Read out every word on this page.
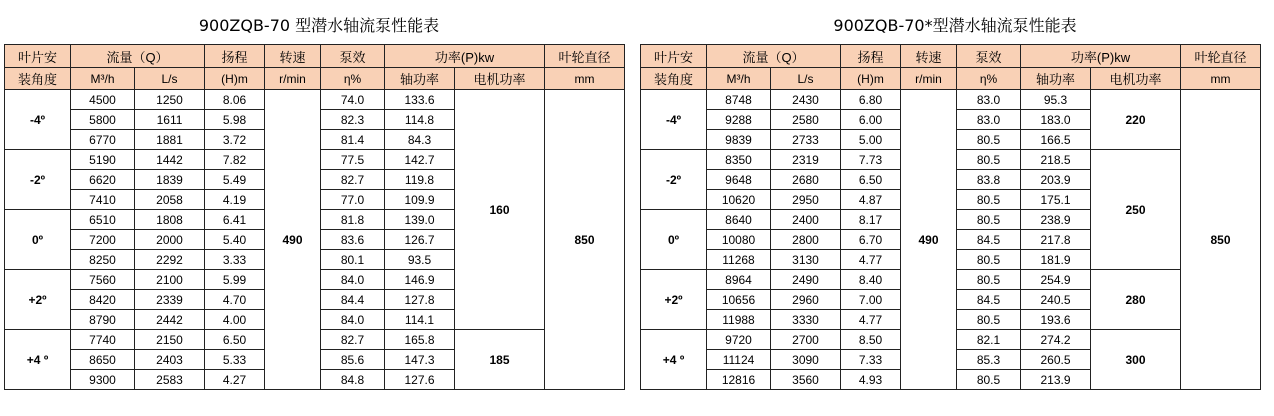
900ZQB-70 型潜水轴流泵性能表	900ZQB-70*型潜水轴流泵性能表
叶片安	流量（Q）		扬程	转速	泵效	功率(P)kw		叶轮直径
装角度	M³/h	L/s	(H)m	r/min	η%	轴功率	电机功率	mm
-4º	4500	1250	8.06	490	74.0	133.6	160	850
	5800	1611	5.98		82.3	114.8		
	6770	1881	3.72		81.4	84.3		
-2º	5190	1442	7.82		77.5	142.7		
	6620	1839	5.49		82.7	119.8		
	7410	2058	4.19		77.0	109.9		
0º	6510	1808	6.41		81.8	139.0		
	7200	2000	5.40		83.6	126.7		
	8250	2292	3.33		80.1	93.5		
+2º	7560	2100	5.99		84.0	146.9		
	8420	2339	4.70		84.4	127.8		
	8790	2442	4.00		84.0	114.1		
+4 º	7740	2150	6.50		82.7	165.8	185	
	8650	2403	5.33		85.6	147.3		
	9300	2583	4.27		84.8	127.6		
叶片安	流量（Q）		扬程	转速	泵效	功率(P)kw		叶轮直径
装角度	M³/h	L/s	(H)m	r/min	η%	轴功率	电机功率	mm
-4º	8748	2430	6.80	490	83.0	95.3	220	850
	9288	2580	6.00		83.0	183.0		
	9839	2733	5.00		80.5	166.5		
-2º	8350	2319	7.73		80.5	218.5	250	
	9648	2680	6.50		83.8	203.9		
	10620	2950	4.87		80.5	175.1		
0º	8640	2400	8.17		80.5	238.9		
	10080	2800	6.70		84.5	217.8		
	11268	3130	4.77		80.5	181.9		
+2º	8964	2490	8.40		80.5	254.9	280	
	10656	2960	7.00		84.5	240.5		
	11988	3330	4.77		80.5	193.6		
+4 º	9720	2700	8.50		82.1	274.2	300	
	11124	3090	7.33		85.3	260.5		
	12816	3560	4.93		80.5	213.9		
